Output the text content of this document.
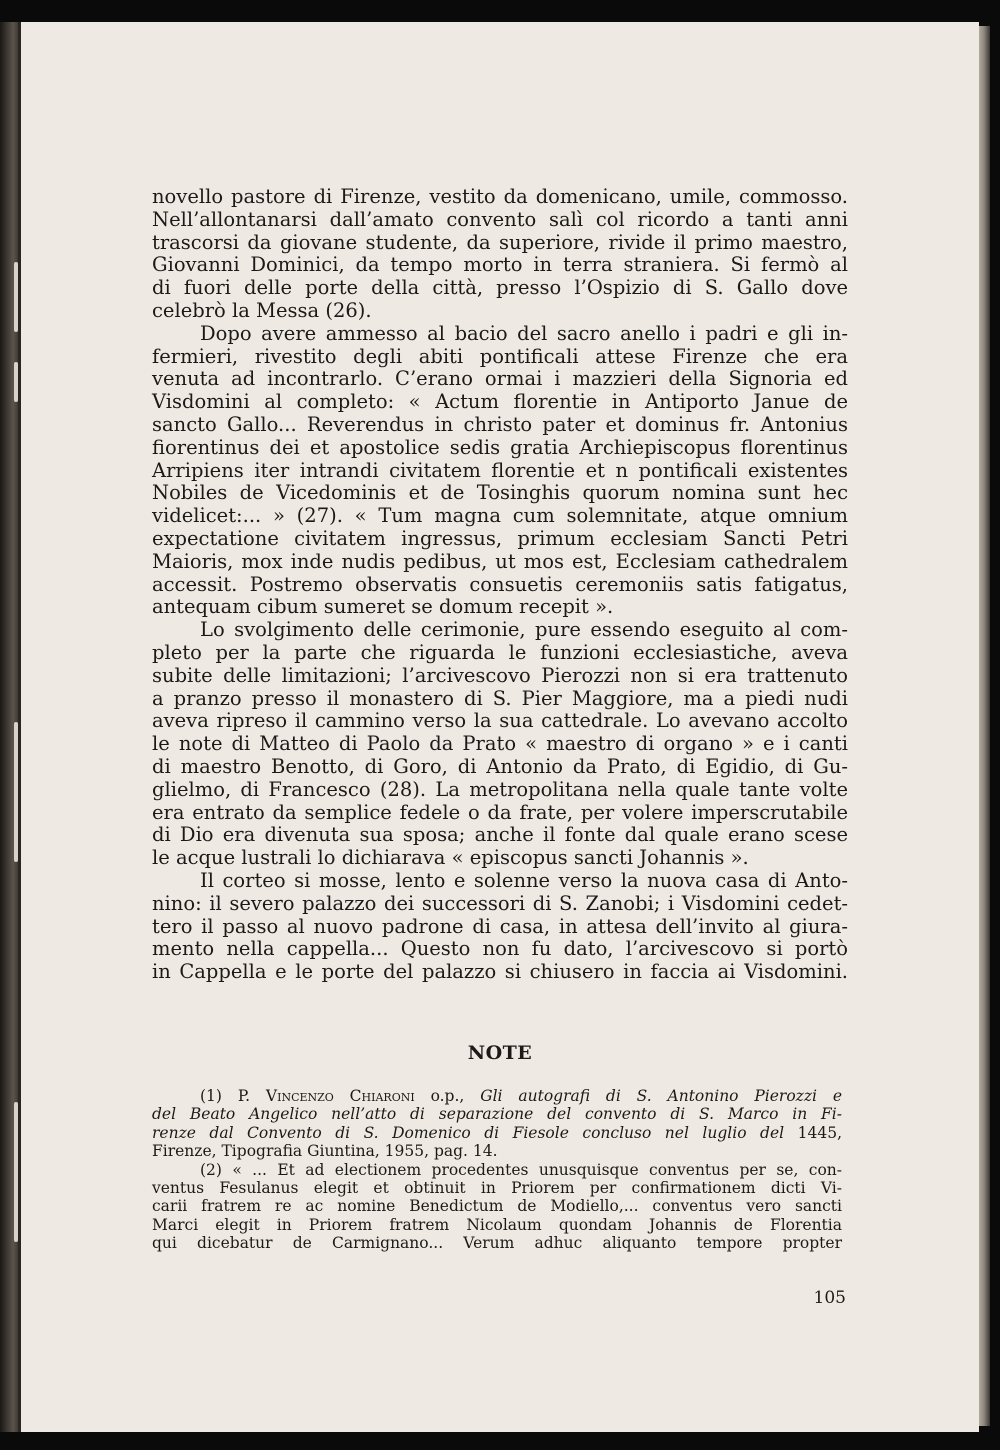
novello pastore di Firenze, vestito da domenicano, umile, commosso.
Nell’allontanarsi dall’amato convento salì col ricordo a tanti anni
trascorsi da giovane studente, da superiore, rivide il primo maestro,
Giovanni Dominici, da tempo morto in terra straniera. Si fermò al
di fuori delle porte della città, presso l’Ospizio di S. Gallo dove
celebrò la Messa (26).
Dopo avere ammesso al bacio del sacro anello i padri e gli in-
fermieri, rivestito degli abiti pontificali attese Firenze che era
venuta ad incontrarlo. C’erano ormai i mazzieri della Signoria ed
Visdomini al completo: « Actum florentie in Antiporto Janue de
sancto Gallo... Reverendus in christo pater et dominus fr. Antonius
fiorentinus dei et apostolice sedis gratia Archiepiscopus florentinus
Arripiens iter intrandi civitatem florentie et n pontificali existentes
Nobiles de Vicedominis et de Tosinghis quorum nomina sunt hec
videlicet:... » (27). « Tum magna cum solemnitate, atque omnium
expectatione civitatem ingressus, primum ecclesiam Sancti Petri
Maioris, mox inde nudis pedibus, ut mos est, Ecclesiam cathedralem
accessit. Postremo observatis consuetis ceremoniis satis fatigatus,
antequam cibum sumeret se domum recepit ».
Lo svolgimento delle cerimonie, pure essendo eseguito al com-
pleto per la parte che riguarda le funzioni ecclesiastiche, aveva
subite delle limitazioni; l’arcivescovo Pierozzi non si era trattenuto
a pranzo presso il monastero di S. Pier Maggiore, ma a piedi nudi
aveva ripreso il cammino verso la sua cattedrale. Lo avevano accolto
le note di Matteo di Paolo da Prato « maestro di organo » e i canti
di maestro Benotto, di Goro, di Antonio da Prato, di Egidio, di Gu-
glielmo, di Francesco (28). La metropolitana nella quale tante volte
era entrato da semplice fedele o da frate, per volere imperscrutabile
di Dio era divenuta sua sposa; anche il fonte dal quale erano scese
le acque lustrali lo dichiarava « episcopus sancti Johannis ».
Il corteo si mosse, lento e solenne verso la nuova casa di Anto-
nino: il severo palazzo dei successori di S. Zanobi; i Visdomini cedet-
tero il passo al nuovo padrone di casa, in attesa dell’invito al giura-
mento nella cappella... Questo non fu dato, l’arcivescovo si portò
in Cappella e le porte del palazzo si chiusero in faccia ai Visdomini.
NOTE
(1) P. Vincenzo Chiaroni o.p., Gli autografi di S. Antonino Pierozzi e
del Beato Angelico nell’atto di separazione del convento di S. Marco in Fi-
renze dal Convento di S. Domenico di Fiesole concluso nel luglio del 1445,
Firenze, Tipografia Giuntina, 1955, pag. 14.
(2) « ... Et ad electionem procedentes unusquisque conventus per se, con-
ventus Fesulanus elegit et obtinuit in Priorem per confirmationem dicti Vi-
carii fratrem re ac nomine Benedictum de Modiello,... conventus vero sancti
Marci elegit in Priorem fratrem Nicolaum quondam Johannis de Florentia
qui dicebatur de Carmignano... Verum adhuc aliquanto tempore propter
105
